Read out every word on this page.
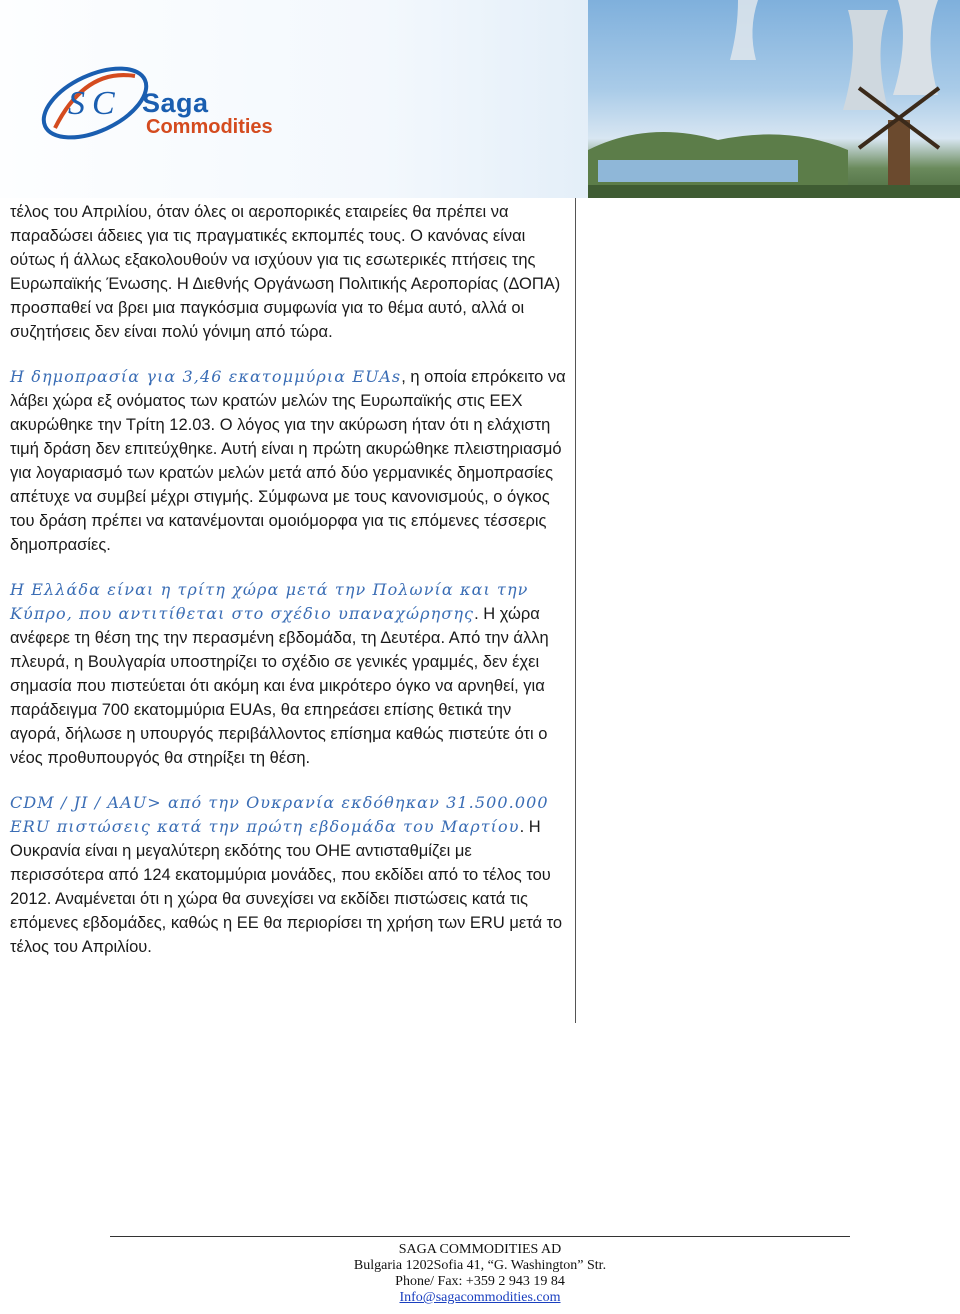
S C Saga
Commodities

τέλος του Απριλίου, όταν όλες οι αεροπορικές εταιρείες θα πρέπει να παραδώσει άδειες για τις πραγματικές εκπομπές τους. Ο κανόνας είναι ούτως ή άλλως εξακολουθούν να ισχύουν για τις εσωτερικές πτήσεις της Ευρωπαϊκής Ένωσης. Η Διεθνής Οργάνωση Πολιτικής Αεροπορίας (ΔΟΠΑ) προσπαθεί να βρει μια παγκόσμια συμφωνία για το θέμα αυτό, αλλά οι συζητήσεις δεν είναι πολύ γόνιμη από τώρα.

Η δημοπρασία για 3,46 εκατομμύρια EUAs, η οποία επρόκειτο να λάβει χώρα εξ ονόματος των κρατών μελών της Ευρωπαϊκής στις EEX ακυρώθηκε την Τρίτη 12.03. Ο λόγος για την ακύρωση ήταν ότι η ελάχιστη τιμή δράση δεν επιτεύχθηκε. Αυτή είναι η πρώτη ακυρώθηκε πλειστηριασμό για λογαριασμό των κρατών μελών μετά από δύο γερμανικές δημοπρασίες απέτυχε να συμβεί μέχρι στιγμής. Σύμφωνα με τους κανονισμούς, ο όγκος του δράση πρέπει να κατανέμονται ομοιόμορφα για τις επόμενες τέσσερις δημοπρασίες.

Η Ελλάδα είναι η τρίτη χώρα μετά την Πολωνία και την Κύπρο, που αντιτίθεται στο σχέδιο υπαναχώρησης. Η χώρα ανέφερε τη θέση της την περασμένη εβδομάδα, τη Δευτέρα. Από την άλλη πλευρά, η Βουλγαρία υποστηρίζει το σχέδιο σε γενικές γραμμές, δεν έχει σημασία που πιστεύεται ότι ακόμη και ένα μικρότερο όγκο να αρνηθεί, για παράδειγμα 700 εκατομμύρια EUAs, θα επηρεάσει επίσης θετικά την αγορά, δήλωσε η υπουργός περιβάλλοντος επίσημα καθώς πιστεύτε ότι ο νέος προθυπουργός θα στηρίξει τη θέση.

CDM / JI / AAU> από την Ουκρανία εκδόθηκαν 31.500.000 ERU πιστώσεις κατά την πρώτη εβδομάδα του Μαρτίου. Η Ουκρανία είναι η μεγαλύτερη εκδότης του ΟΗΕ αντισταθμίζει με περισσότερα από 124 εκατομμύρια μονάδες, που εκδίδει από το τέλος του 2012. Αναμένεται ότι η χώρα θα συνεχίσει να εκδίδει πιστώσεις κατά τις επόμενες εβδομάδες, καθώς η ΕΕ θα περιορίσει τη χρήση των ERU μετά το τέλος του Απριλίου.

SAGA COMMODITIES AD
Bulgaria 1202Sofia 41, “G. Washington” Str.
Phone/ Fax: +359 2 943 19 84
Info@sagacommodities.com
